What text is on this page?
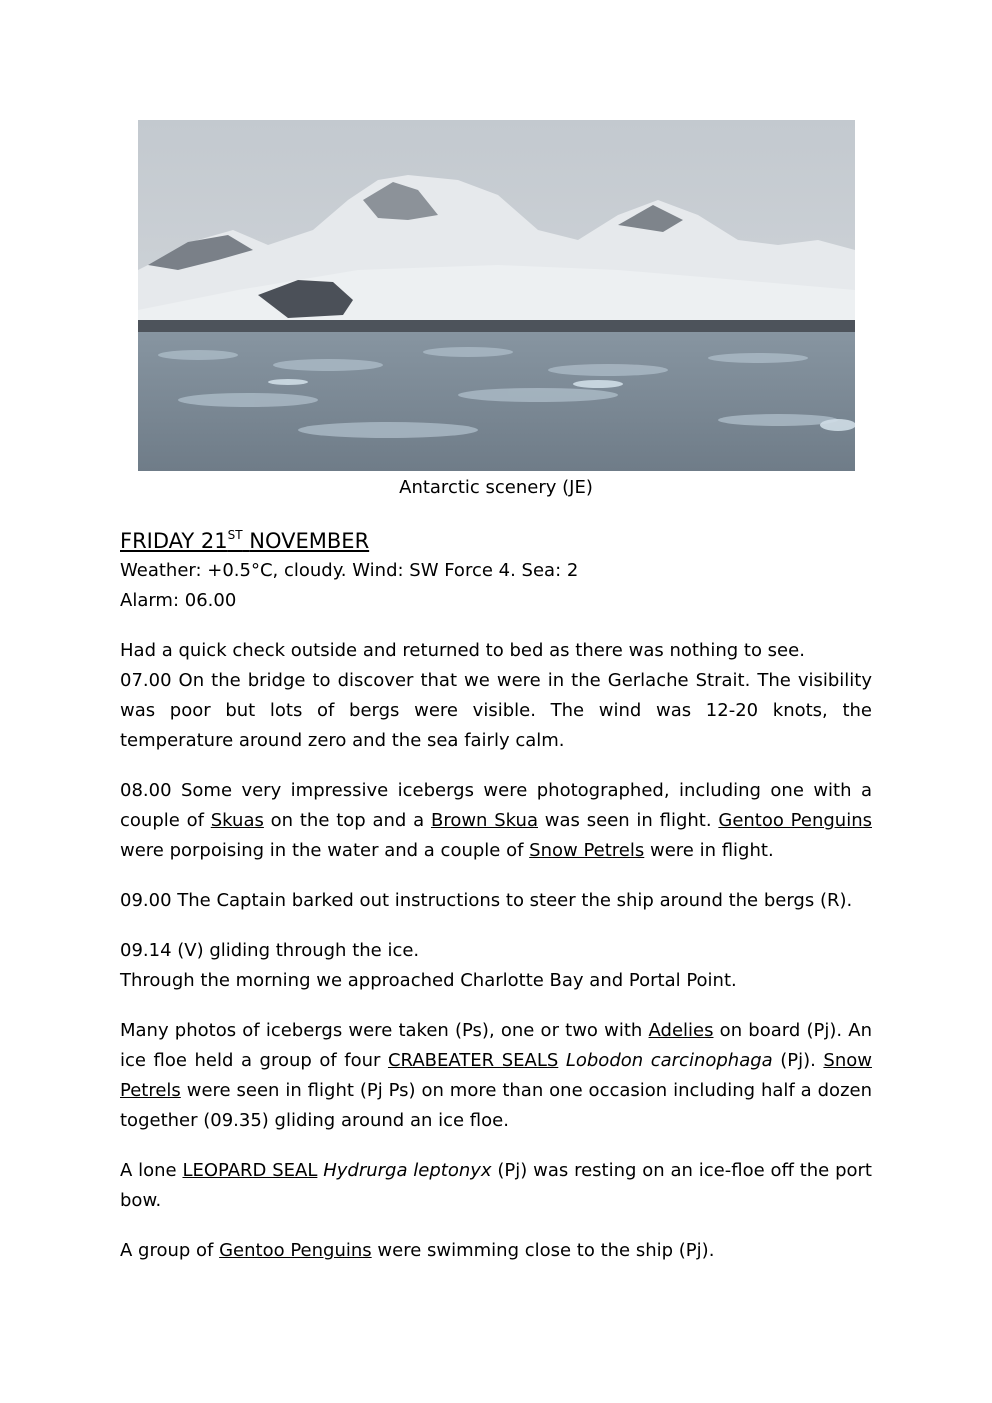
Antarctic scenery (JE)

FRIDAY 21ST NOVEMBER

Weather: +0.5°C, cloudy. Wind: SW Force 4. Sea: 2

Alarm: 06.00

Had a quick check outside and returned to bed as there was nothing to see.
07.00 On the bridge to discover that we were in the Gerlache Strait. The visibility was poor but lots of bergs were visible. The wind was 12-20 knots, the temperature around zero and the sea fairly calm.

08.00 Some very impressive icebergs were photographed, including one with a couple of Skuas on the top and a Brown Skua was seen in flight. Gentoo Penguins were porpoising in the water and a couple of Snow Petrels were in flight.

09.00 The Captain barked out instructions to steer the ship around the bergs (R).

09.14 (V) gliding through the ice.
Through the morning we approached Charlotte Bay and Portal Point.

Many photos of icebergs were taken (Ps), one or two with Adelies on board (Pj). An ice floe held a group of four CRABEATER SEALS Lobodon carcinophaga (Pj). Snow Petrels were seen in flight (Pj Ps) on more than one occasion including half a dozen together (09.35) gliding around an ice floe.

A lone LEOPARD SEAL Hydrurga leptonyx (Pj) was resting on an ice-floe off the port bow.

A group of Gentoo Penguins were swimming close to the ship (Pj).
